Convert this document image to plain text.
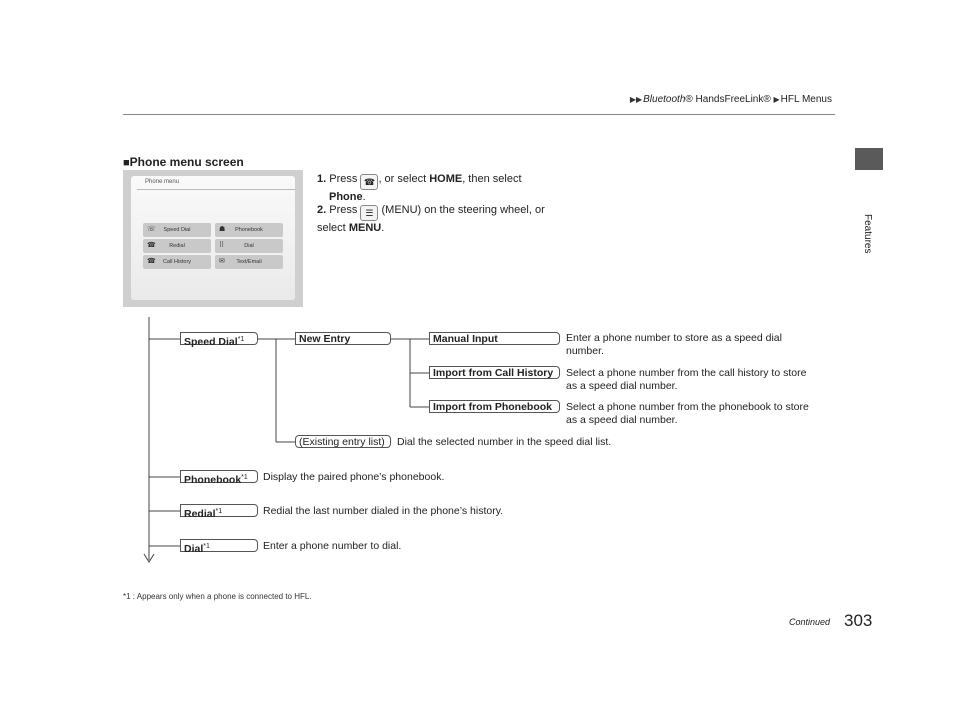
▶▶Bluetooth® HandsFreeLink® ▶HFL Menus
Features
■Phone menu screen
Phone menu
☏ Speed Dial	☗ Phonebook
☎ Redial	⠿	Dial
☎ Call History	✉ Text/Email
1. Press ☎ , or select HOME, then select
Phone.
2. Press ☰ (MENU) on the steering wheel, or select MENU.
Speed Dial$^{*1}$	New Entry	Manual Input	Enter a phone number to store as a speed dial
number.
Import from Call History	Select a phone number from the call history to store
as a speed dial number.
Import from Phonebook	Select a phone number from the phonebook to store
as a speed dial number.
(Existing entry list)	Dial the selected number in the speed dial list.
Phonebook$^{*1}$	Display the paired phone’s phonebook.
Redial$^{*1}$	Redial the last number dialed in the phone’s history.
Dial$^{*1}$	Enter a phone number to dial.
*1 : Appears only when a phone is connected to HFL.
Continued 303
